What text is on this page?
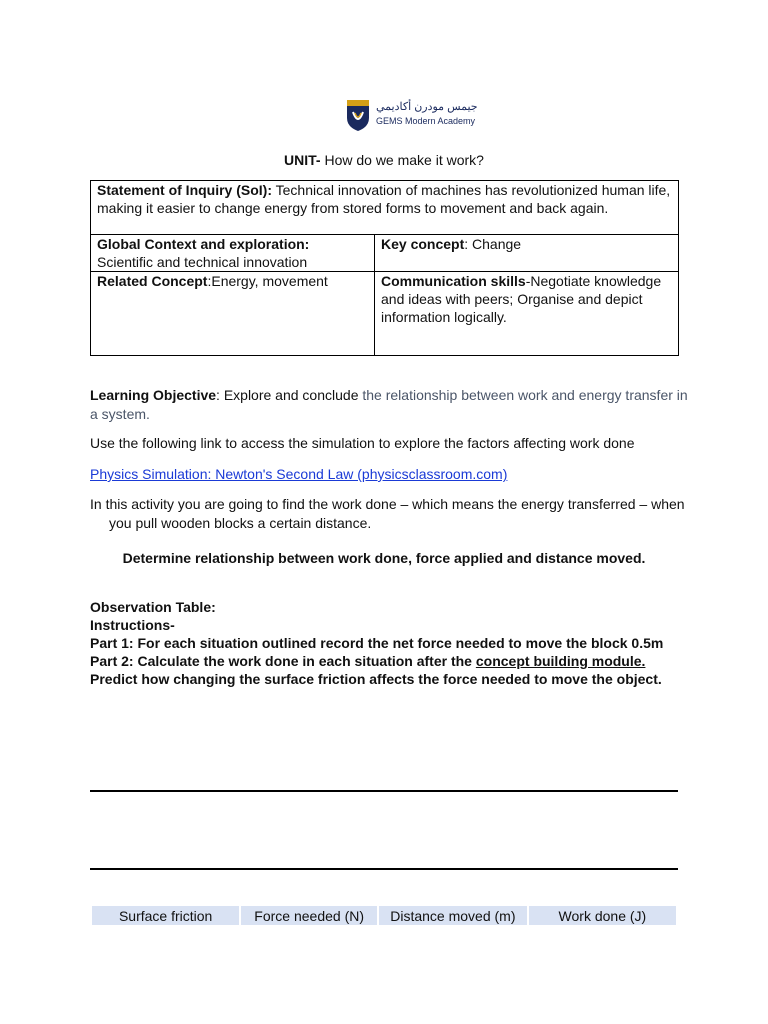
جيمس مودرن أكاديمي
GEMS Modern Academy
UNIT- How do we make it work?
Statement of Inquiry (SoI): Technical innovation of machines has revolutionized human life, making it easier to change energy from stored forms to movement and back again.	
Global Context and exploration:
Scientific and technical innovation	Key concept: Change
Related Concept:Energy, movement	Communication skills-Negotiate knowledge and ideas with peers; Organise and depict information logically.
Learning Objective: Explore and conclude the relationship between work and energy transfer in a system.
Use the following link to access the simulation to explore the factors affecting work done
Physics Simulation: Newton's Second Law (physicsclassroom.com)
In this activity you are going to find the work done – which means the energy transferred – when you pull wooden blocks a certain distance.
Determine relationship between work done, force applied and distance moved.
Observation Table:
Instructions-
Part 1: For each situation outlined record the net force needed to move the block 0.5m
Part 2: Calculate the work done in each situation after the concept building module.
Predict how changing the surface friction affects the force needed to move the object.
Surface friction	Force needed (N)	Distance moved (m)	Work done (J)
